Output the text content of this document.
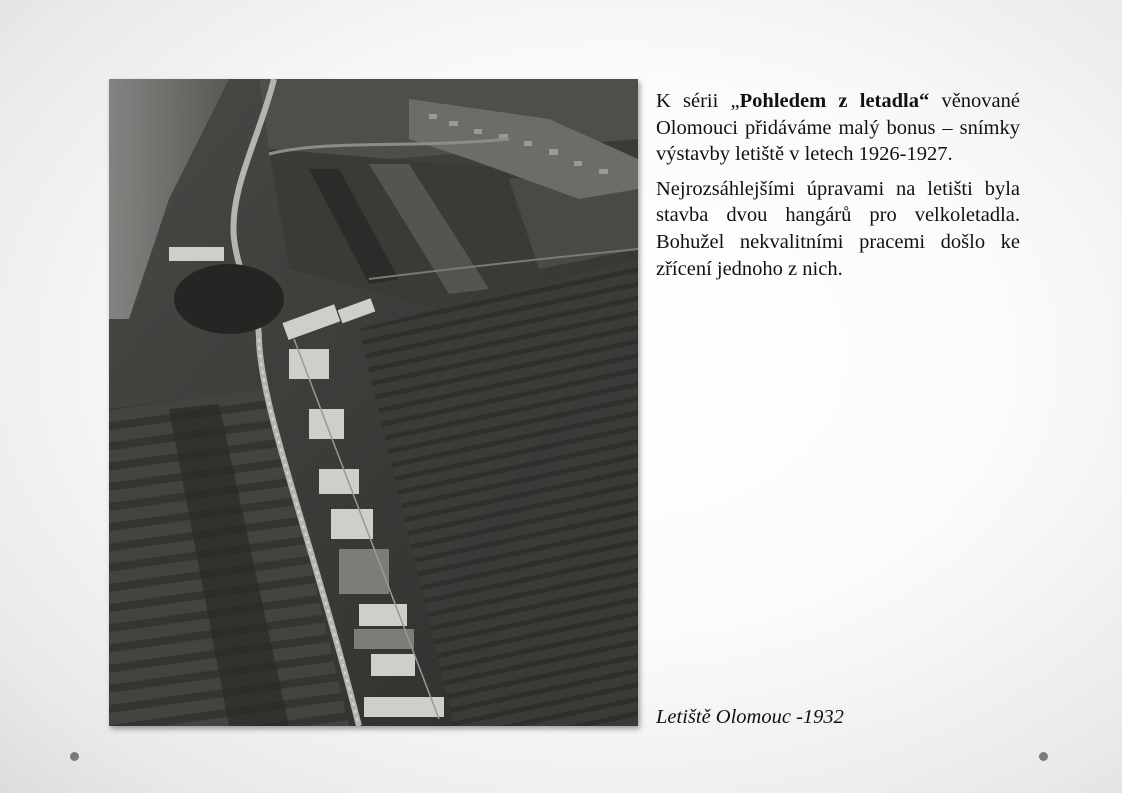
K sérii „Pohledem z letadla“ věnované Olomouci přidáváme malý bonus – snímky výstavby letiště v letech 1926-1927.

Nejrozsáhlejšími úpravami na letišti byla stavba dvou hangárů pro velkoletadla. Bohužel nekvalitními pracemi došlo ke zřícení jednoho z nich.

Letiště Olomouc -1932
